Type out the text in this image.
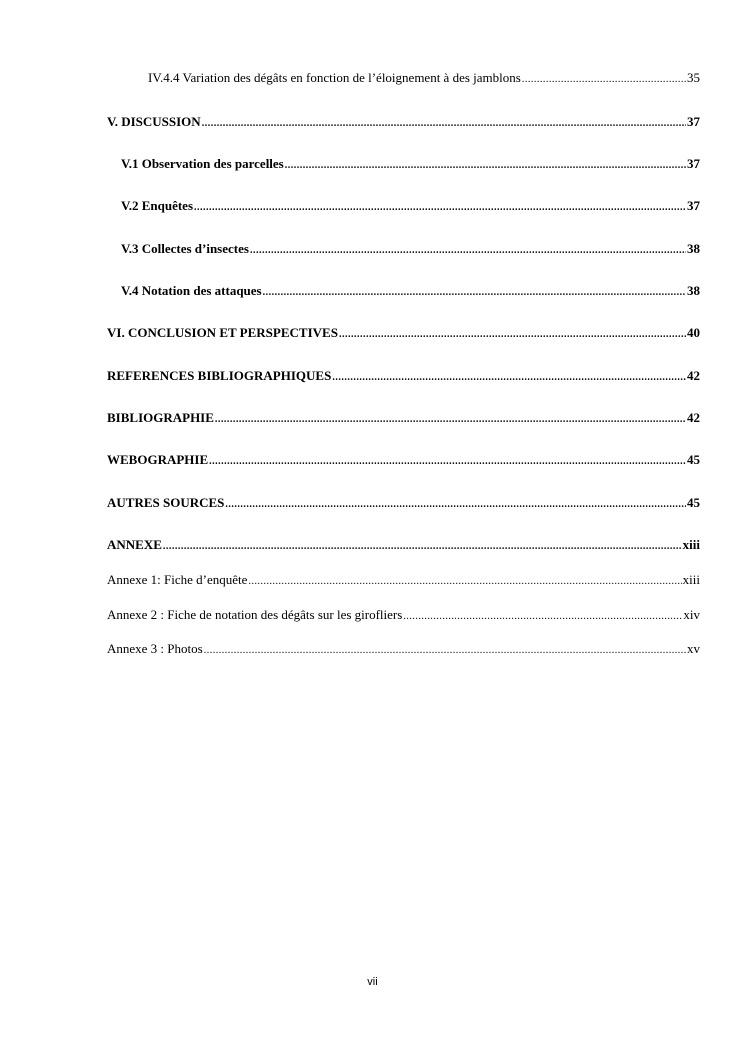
IV.4.4 Variation des dégâts en fonction de l’éloignement à des jamblons .....	35
V. DISCUSSION .....	37
V.1 Observation des parcelles .....	37
V.2 Enquêtes .....	37
V.3 Collectes d’insectes .....	38
V.4 Notation des attaques .....	38
VI. CONCLUSION ET PERSPECTIVES .....	40
REFERENCES BIBLIOGRAPHIQUES .....	42
BIBLIOGRAPHIE .....	42
WEBOGRAPHIE .....	45
AUTRES SOURCES .....	45
ANNEXE .....	xiii
Annexe 1: Fiche d’enquête .....	xiii
Annexe 2 : Fiche de notation des dégâts sur les girofliers .....	xiv
Annexe 3 : Photos .....	xv
vii
